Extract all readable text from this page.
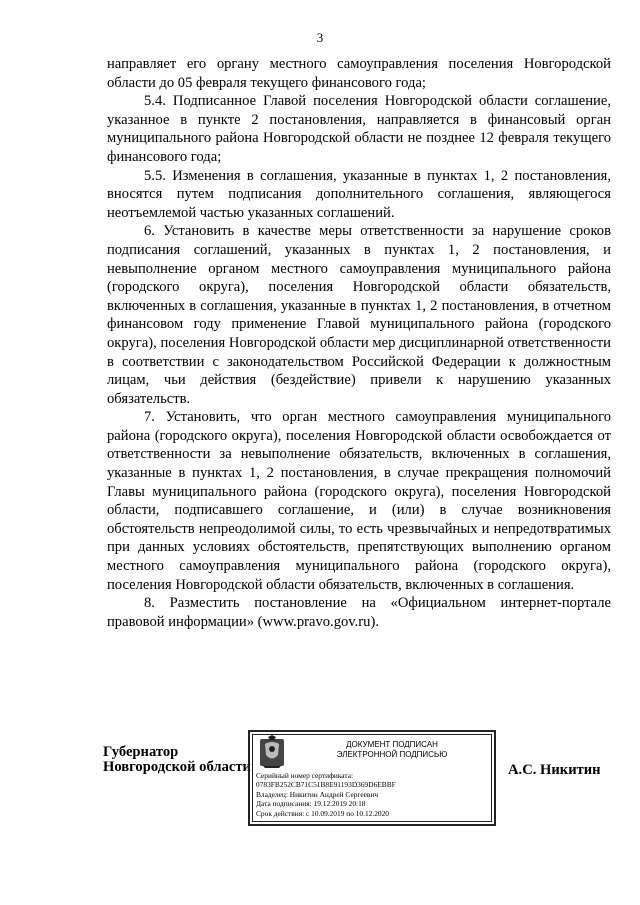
3

направляет его органу местного самоуправления поселения Новгородской области до 05 февраля текущего финансового года;

5.4. Подписанное Главой поселения Новгородской области соглашение, указанное в пункте 2 постановления, направляется в финансовый орган муниципального района Новгородской области не позднее 12 февраля текущего финансового года;

5.5. Изменения в соглашения, указанные в пунктах 1, 2 постановления, вносятся путем подписания дополнительного соглашения, являющегося неотъемлемой частью указанных соглашений.

6. Установить в качестве меры ответственности за нарушение сроков подписания соглашений, указанных в пунктах 1, 2 постановления, и невыполнение органом местного самоуправления муниципального района (городского округа), поселения Новгородской области обязательств, включенных в соглашения, указанные в пунктах 1, 2 постановления, в отчетном финансовом году применение Главой муниципального района (городского округа), поселения Новгородской области мер дисциплинарной ответственности в соответствии с законодательством Российской Федерации к должностным лицам, чьи действия (бездействие) привели к нарушению указанных обязательств.

7. Установить, что орган местного самоуправления муниципального района (городского округа), поселения Новгородской области освобождается от ответственности за невыполнение обязательств, включенных в соглашения, указанные в пунктах 1, 2 постановления, в случае прекращения полномочий Главы муниципального района (городского округа), поселения Новгородской области, подписавшего соглашение, и (или) в случае возникновения обстоятельств непреодолимой силы, то есть чрезвычайных и непредотвратимых при данных условиях обстоятельств, препятствующих выполнению органом местного самоуправления муниципального района (городского округа), поселения Новгородской области обязательств, включенных в соглашения.

8. Разместить постановление на «Официальном интернет-портале правовой информации» (www.pravo.gov.ru).

Губернатор
Новгородской области
ДОКУМЕНТ ПОДПИСАН
ЭЛЕКТРОННОЙ ПОДПИСЬЮ
Серийный номер сертификата:
0783FB252CB71C51B8E91193D369D6EBBF
Владелец: Никитин Андрей Сергеевич
Дата подписания: 19.12.2019 20:18
Срок действия: с 10.09.2019 по 10.12.2020
А.С. Никитин
